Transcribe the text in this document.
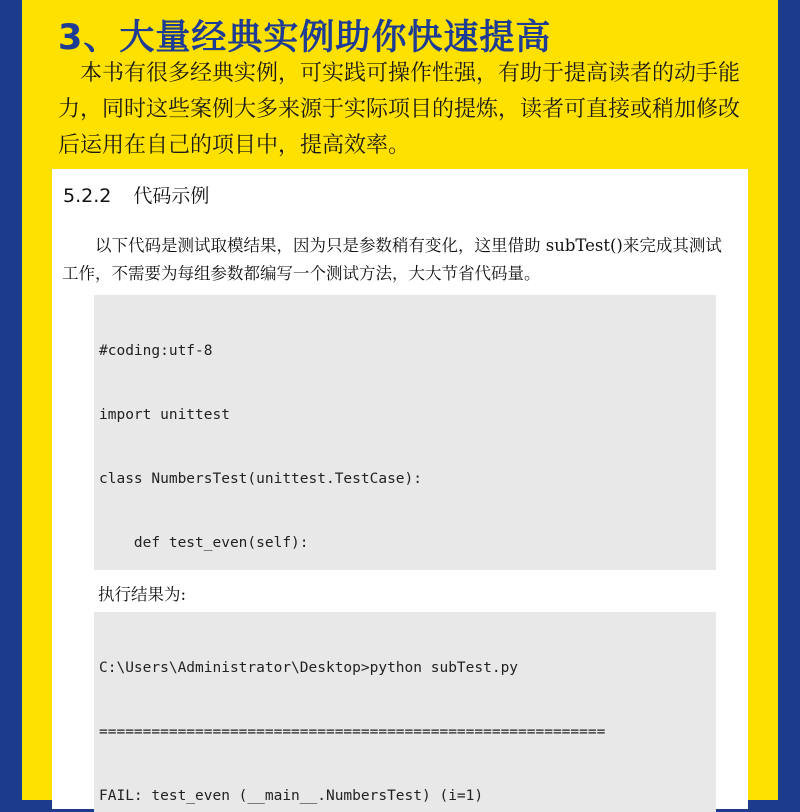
3、大量经典实例助你快速提高

本书有很多经典实例，可实践可操作性强，有助于提高读者的动手能力，同时这些案例大多来源于实际项目的提炼，读者可直接或稍加修改后运用在自己的项目中，提高效率。

5.2.2 代码示例

以下代码是测试取模结果，因为只是参数稍有变化，这里借助 subTest()来完成其测试工作，不需要为每组参数都编写一个测试方法，大大节省代码量。

#coding:utf-8

import unittest

class NumbersTest(unittest.TestCase):

def test_even(self):

执行结果为:

C:\Users\Administrator\Desktop>python subTest.py

==========================================================

FAIL: test_even (__main__.NumbersTest) (i=1)
